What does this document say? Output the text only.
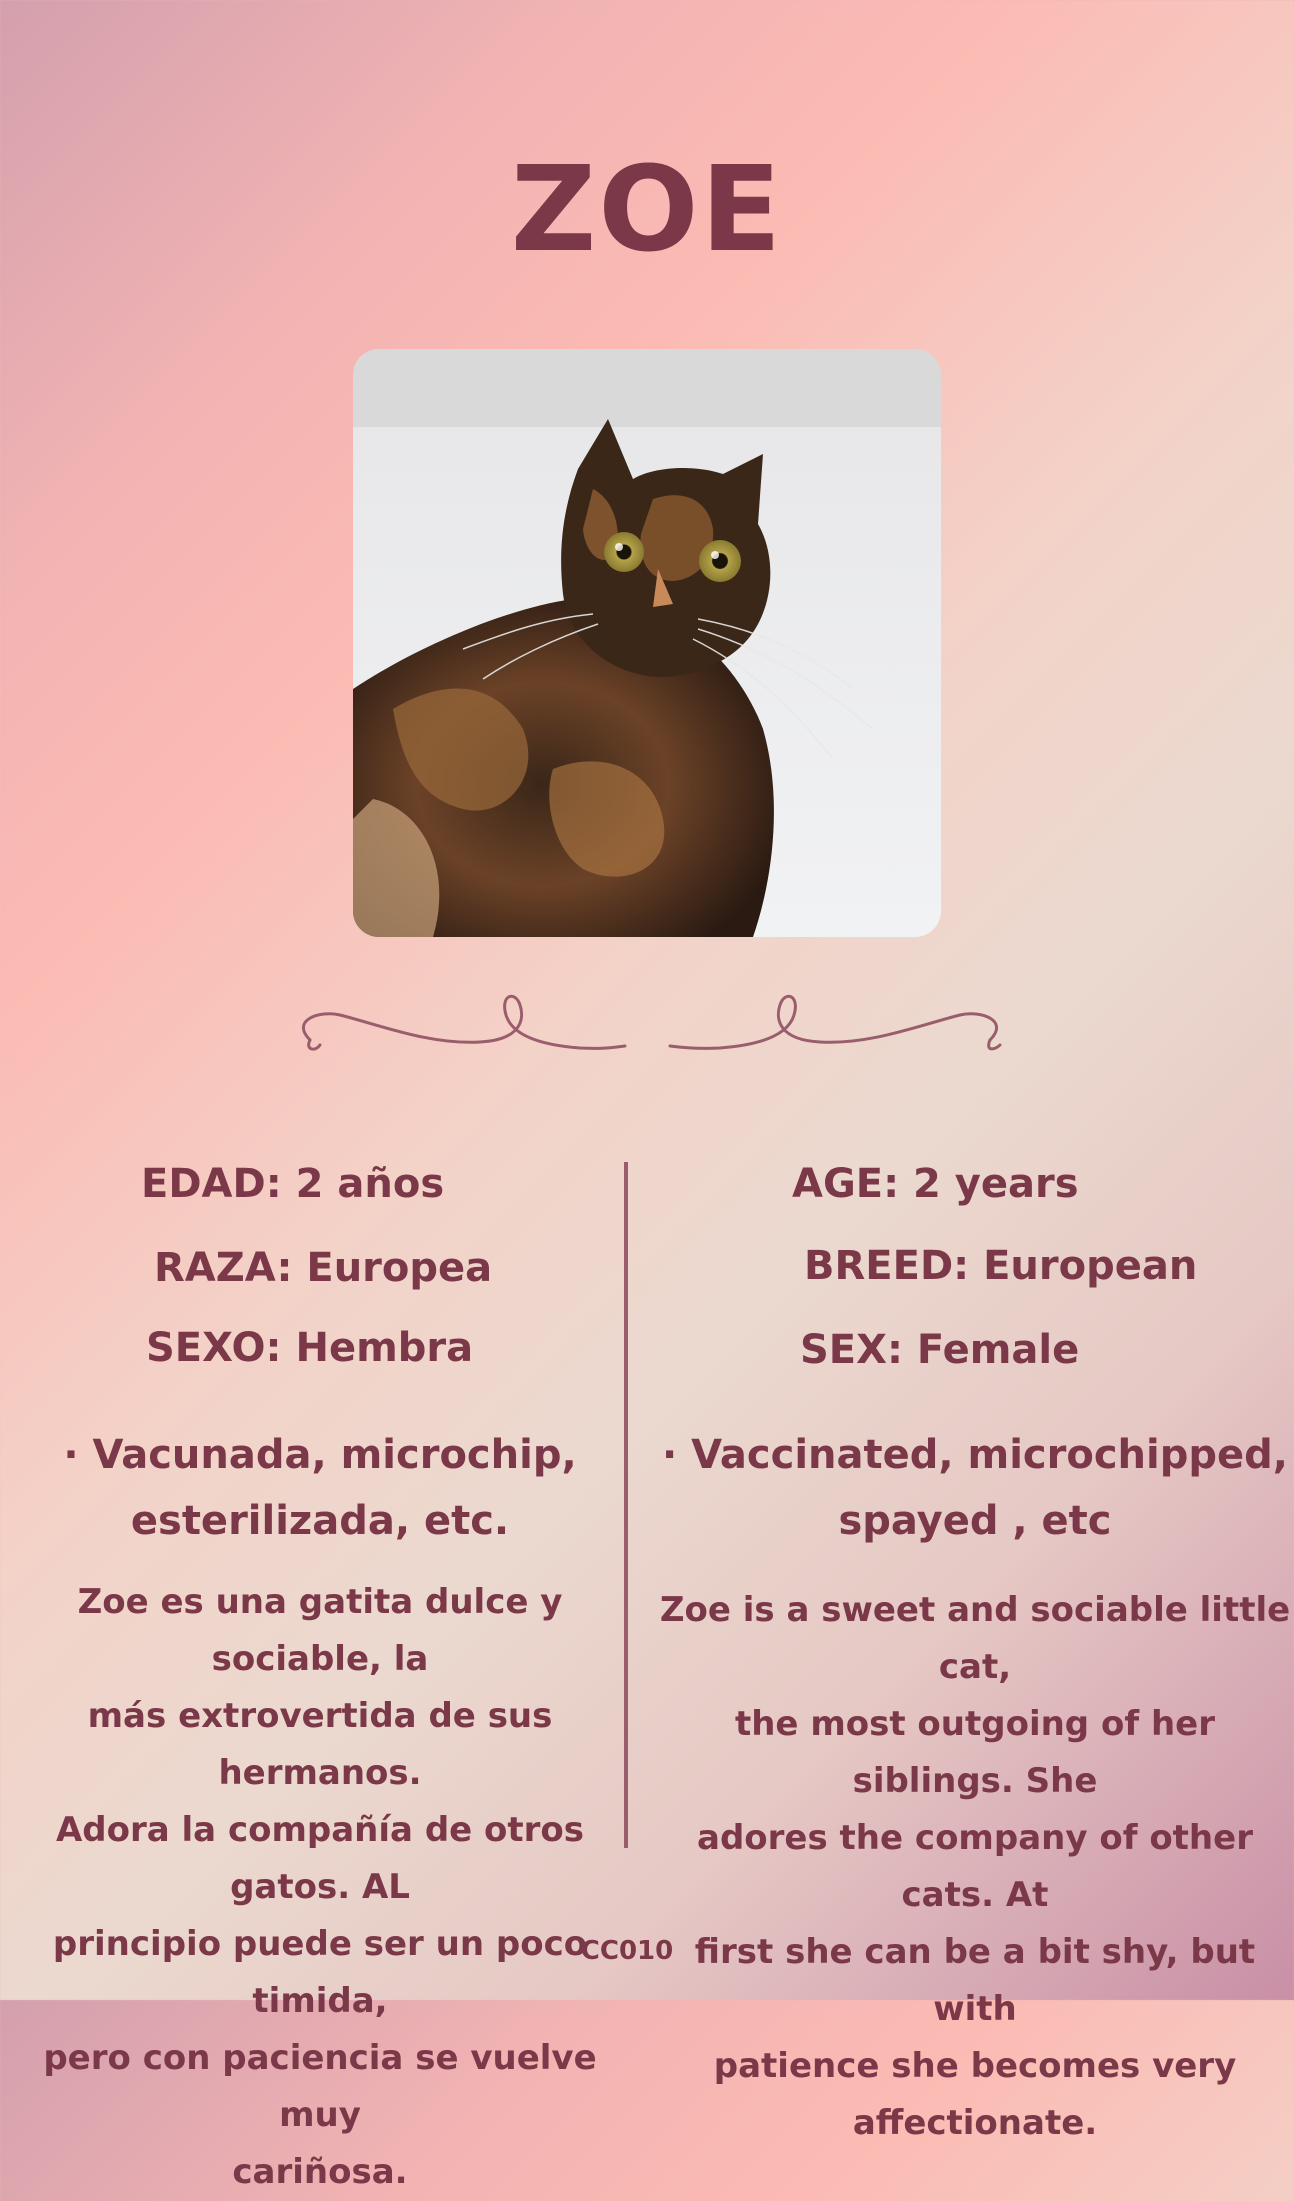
ZOE
EDAD: 2 años
RAZA: Europea
SEXO: Hembra
· Vacunada, microchip,
esterilizada, etc.
Zoe es una gatita dulce y sociable, la
más extrovertida de sus hermanos.
Adora la compañía de otros gatos. AL
principio puede ser un poco timida,
pero con paciencia se vuelve muy
cariñosa.
AGE: 2 years
BREED: European
SEX: Female
· Vaccinated, microchipped,
spayed , etc
Zoe is a sweet and sociable little cat,
the most outgoing of her siblings. She
adores the company of other cats. At
first she can be a bit shy, but with
patience she becomes very
affectionate.
CC010
